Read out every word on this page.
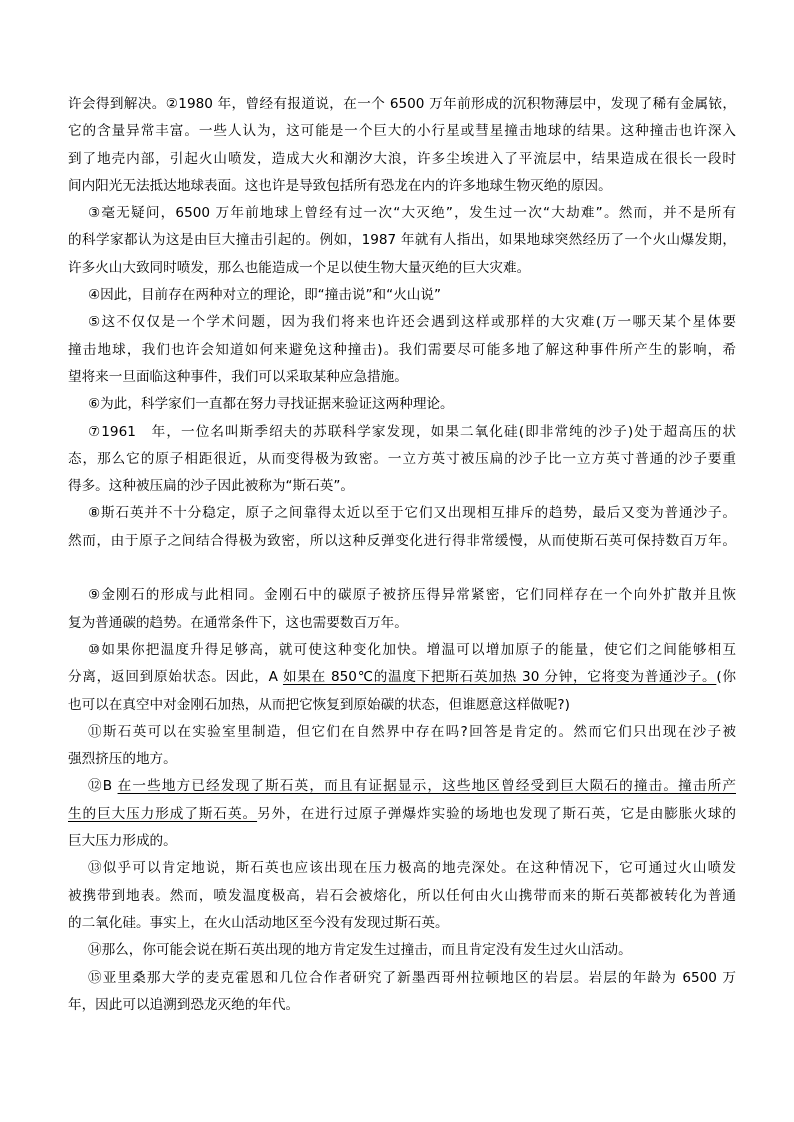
许会得到解决。②1980 年，曾经有报道说，在一个 6500 万年前形成的沉积物薄层中，发现了稀有金属铱，
它的含量异常丰富。一些人认为，这可能是一个巨大的小行星或彗星撞击地球的结果。这种撞击也许深入
到了地壳内部，引起火山喷发，造成大火和潮汐大浪，许多尘埃进入了平流层中，结果造成在很长一段时
间内阳光无法抵达地球表面。这也许是导致包括所有恐龙在内的许多地球生物灭绝的原因。
③毫无疑问，6500 万年前地球上曾经有过一次“大灭绝”，发生过一次“大劫难”。然而，并不是所有
的科学家都认为这是由巨大撞击引起的。例如，1987 年就有人指出，如果地球突然经历了一个火山爆发期，
许多火山大致同时喷发，那么也能造成一个足以使生物大量灭绝的巨大灾难。
④因此，目前存在两种对立的理论，即“撞击说”和“火山说”
⑤这不仅仅是一个学术问题，因为我们将来也许还会遇到这样或那样的大灾难(万一哪天某个星体要
撞击地球，我们也许会知道如何来避免这种撞击)。我们需要尽可能多地了解这种事件所产生的影响，希
望将来一旦面临这种事件，我们可以采取某种应急措施。
⑥为此，科学家们一直都在努力寻找证据来验证这两种理论。
⑦1961　年，一位名叫斯季绍夫的苏联科学家发现，如果二氧化硅(即非常纯的沙子)处于超高压的状
态，那么它的原子相距很近，从而变得极为致密。一立方英寸被压扁的沙子比一立方英寸普通的沙子要重
得多。这种被压扁的沙子因此被称为“斯石英”。
⑧斯石英并不十分稳定，原子之间靠得太近以至于它们又出现相互排斥的趋势，最后又变为普通沙子。
然而，由于原子之间结合得极为致密，所以这种反弹变化进行得非常缓慢，从而使斯石英可保持数百万年。
⑨金刚石的形成与此相同。金刚石中的碳原子被挤压得异常紧密，它们同样存在一个向外扩散并且恢
复为普通碳的趋势。在通常条件下，这也需要数百万年。
⑩如果你把温度升得足够高，就可使这种变化加快。增温可以增加原子的能量，使它们之间能够相互
分离，返回到原始状态。因此，A 如果在 850℃的温度下把斯石英加热 30 分钟，它将变为普通沙子。(你
也可以在真空中对金刚石加热，从而把它恢复到原始碳的状态，但谁愿意这样做呢?)
⑪斯石英可以在实验室里制造，但它们在自然界中存在吗?回答是肯定的。然而它们只出现在沙子被
强烈挤压的地方。
⑫B 在一些地方已经发现了斯石英，而且有证据显示，这些地区曾经受到巨大陨石的撞击。撞击所产
生的巨大压力形成了斯石英。另外，在进行过原子弹爆炸实验的场地也发现了斯石英，它是由膨胀火球的
巨大压力形成的。
⑬似乎可以肯定地说，斯石英也应该出现在压力极高的地壳深处。在这种情况下，它可通过火山喷发
被携带到地表。然而，喷发温度极高，岩石会被熔化，所以任何由火山携带而来的斯石英都被转化为普通
的二氧化硅。事实上，在火山活动地区至今没有发现过斯石英。
⑭那么，你可能会说在斯石英出现的地方肯定发生过撞击，而且肯定没有发生过火山活动。
⑮亚里桑那大学的麦克霍恩和几位合作者研究了新墨西哥州拉顿地区的岩层。岩层的年龄为 6500 万
年，因此可以追溯到恐龙灭绝的年代。
